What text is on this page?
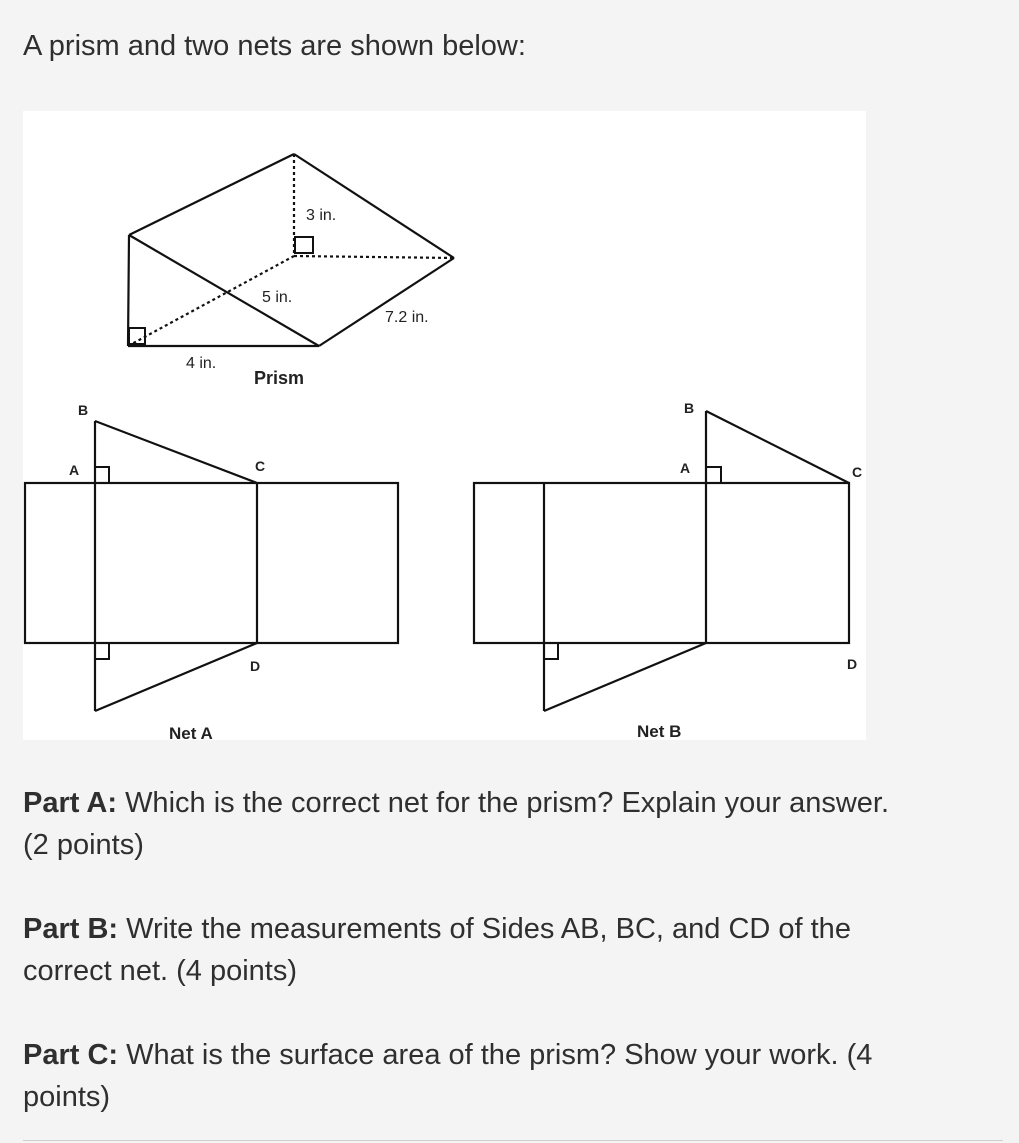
A prism and two nets are shown below:
3 in.
5 in.
7.2 in.
4 in.
Prism
B
A	C
D
Net A
B
A	C
D
Net B

Part A: Which is the correct net for the prism? Explain your answer.
(2 points)

Part B: Write the measurements of Sides AB, BC, and CD of the
correct net. (4 points)

Part C: What is the surface area of the prism? Show your work. (4
points)
